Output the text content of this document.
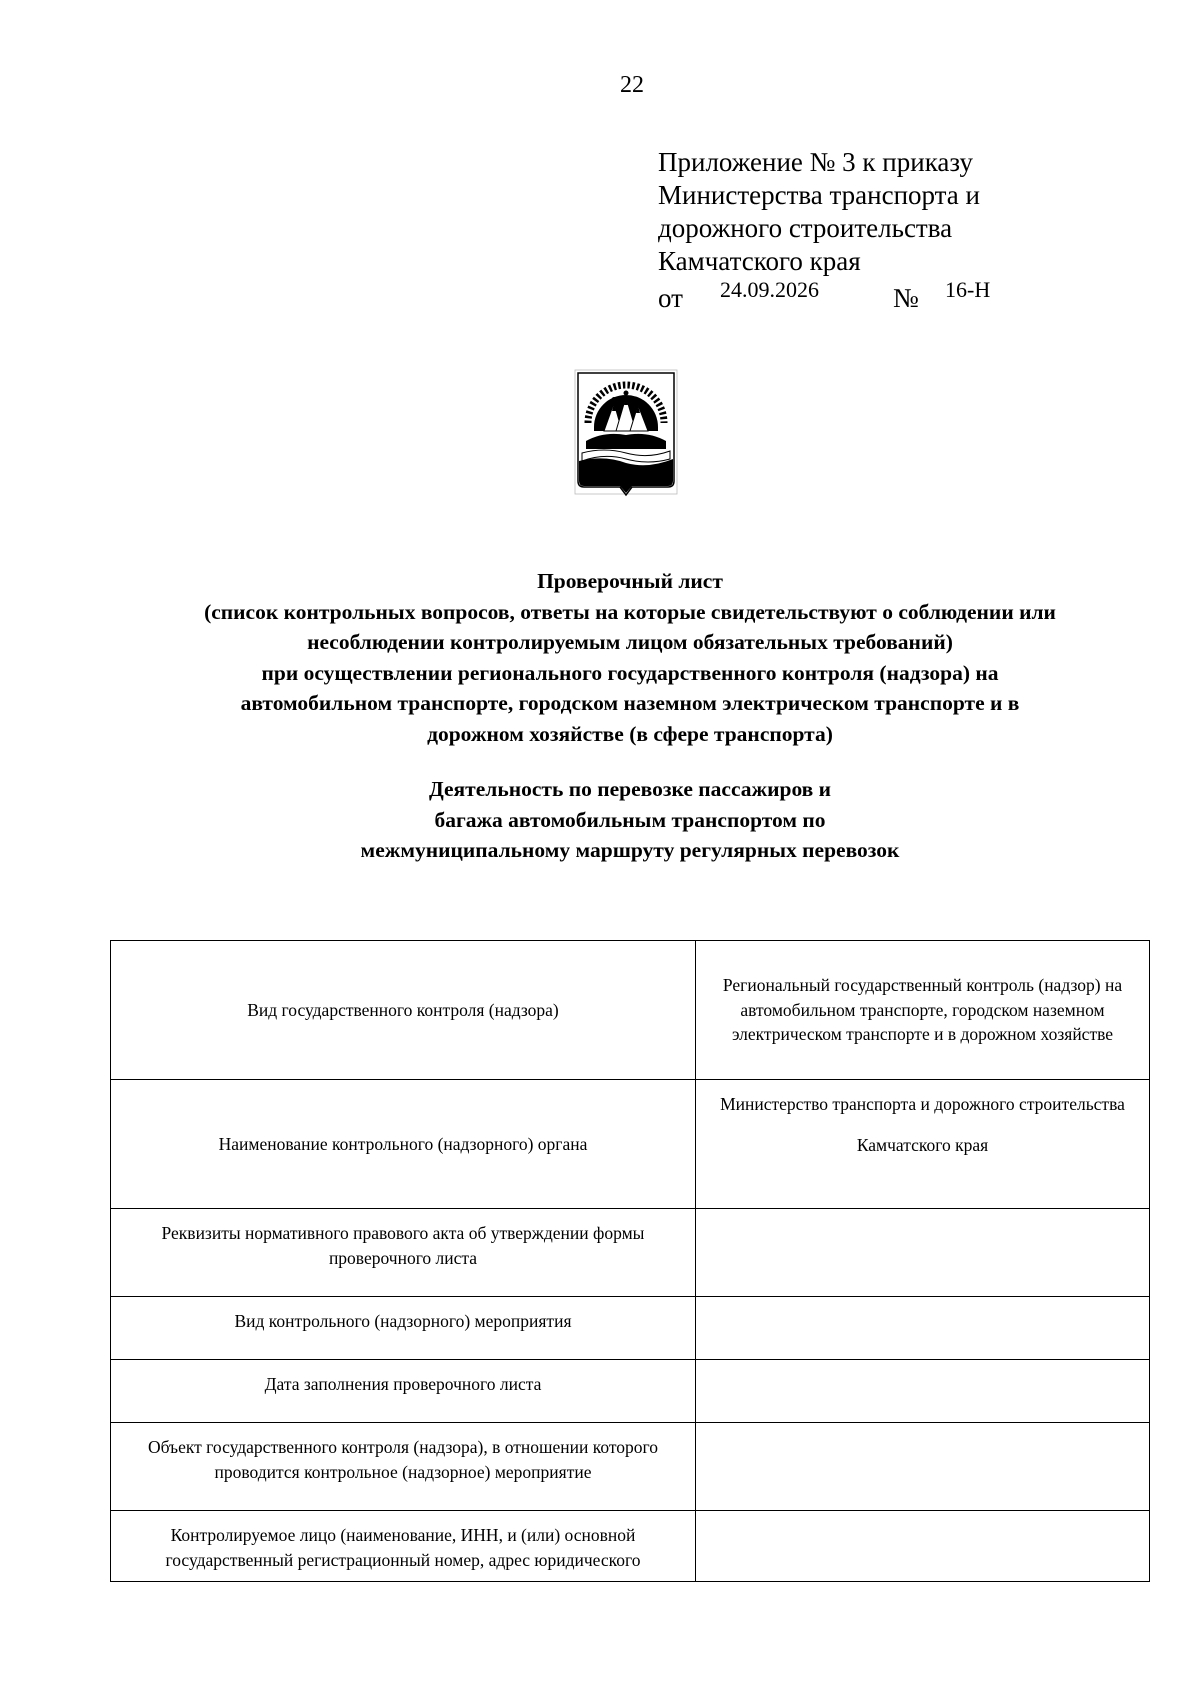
22
Приложение № 3 к приказу
Министерства транспорта и
дорожного строительства
Камчатского края
от 24.09.2026	№ 16-Н
Проверочный лист
(список контрольных вопросов, ответы на которые свидетельствуют о соблюдении или
несоблюдении контролируемым лицом обязательных требований)
при осуществлении регионального государственного контроля (надзора) на
автомобильном транспорте, городском наземном электрическом транспорте и в
дорожном хозяйстве (в сфере транспорта)
Деятельность по перевозке пассажиров и
багажа автомобильным транспортом по
межмуниципальному маршруту регулярных перевозок
Вид государственного контроля (надзора)	Региональный государственный контроль (надзор) на автомобильном транспорте, городском наземном электрическом транспорте и в дорожном хозяйстве
Наименование контрольного (надзорного) органа	Министерство транспорта и дорожного строительства
Камчатского края

Реквизиты нормативного правового акта об утверждении формы проверочного листа	
Вид контрольного (надзорного) мероприятия	
Дата заполнения проверочного листа	
Объект государственного контроля (надзора), в отношении которого проводится контрольное (надзорное) мероприятие	
Контролируемое лицо (наименование, ИНН, и (или) основной государственный регистрационный номер, адрес юридического	
